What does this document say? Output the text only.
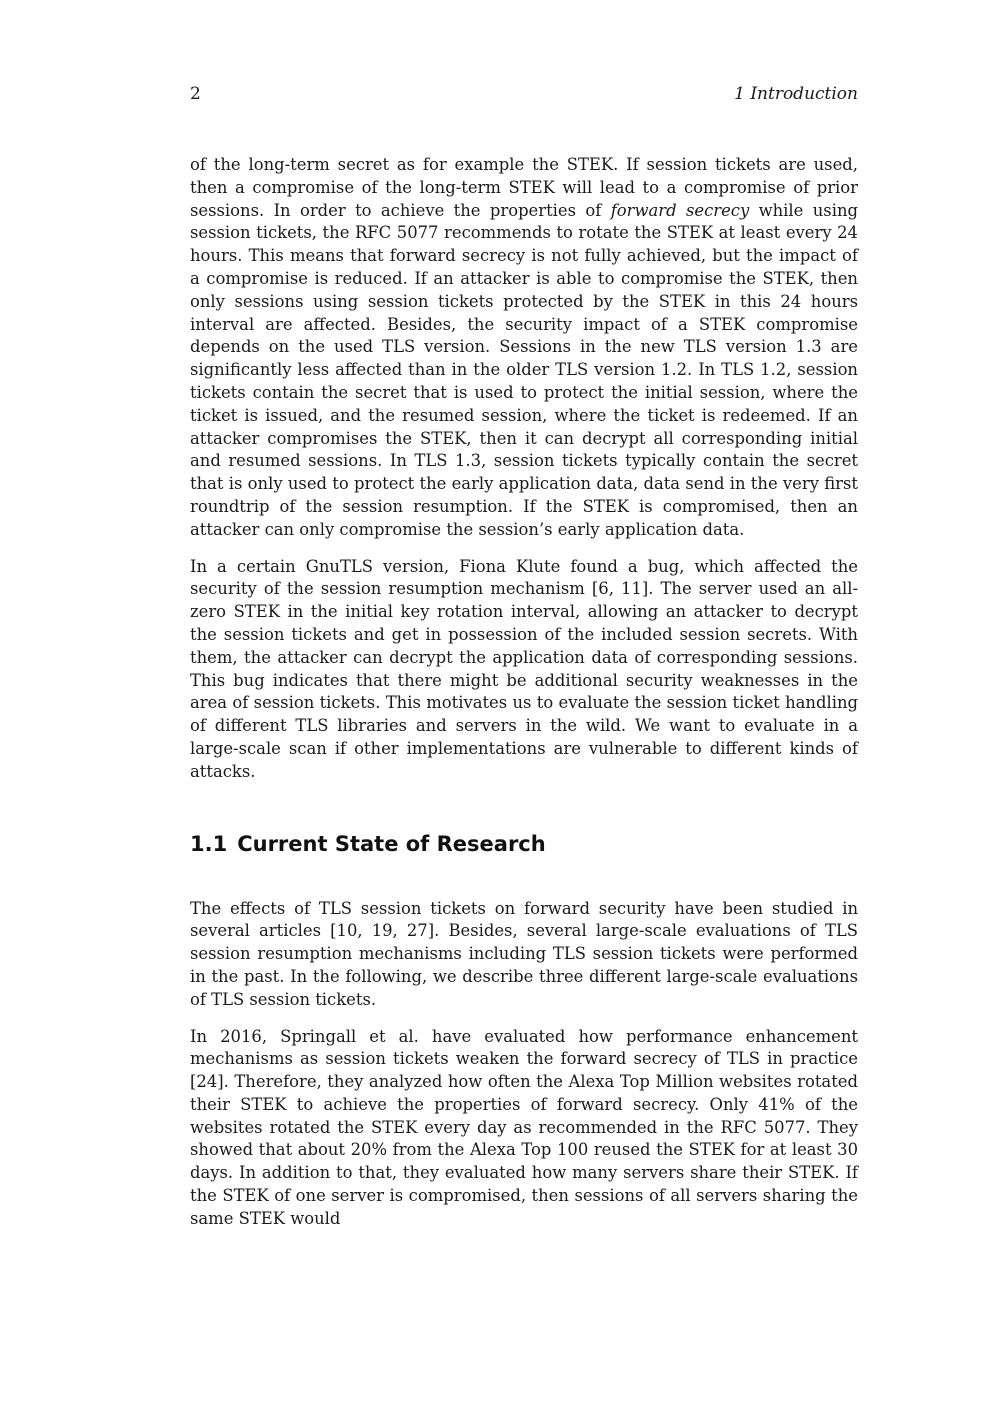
2	1 Introduction

of the long-term secret as for example the STEK. If session tickets are used, then a compromise of the long-term STEK will lead to a compromise of prior sessions. In order to achieve the properties of forward secrecy while using session tickets, the RFC 5077 recommends to rotate the STEK at least every 24 hours. This means that forward secrecy is not fully achieved, but the impact of a compromise is reduced. If an attacker is able to compromise the STEK, then only sessions using session tickets protected by the STEK in this 24 hours interval are affected. Besides, the security impact of a STEK compromise depends on the used TLS version. Sessions in the new TLS version 1.3 are significantly less affected than in the older TLS version 1.2. In TLS 1.2, session tickets contain the secret that is used to protect the initial session, where the ticket is issued, and the resumed session, where the ticket is redeemed. If an attacker compromises the STEK, then it can decrypt all corresponding initial and resumed sessions. In TLS 1.3, session tickets typically contain the secret that is only used to protect the early application data, data send in the very first roundtrip of the session resumption. If the STEK is compromised, then an attacker can only compromise the session’s early application data.

In a certain GnuTLS version, Fiona Klute found a bug, which affected the security of the session resumption mechanism [6, 11]. The server used an all-zero STEK in the initial key rotation interval, allowing an attacker to decrypt the session tickets and get in possession of the included session secrets. With them, the attacker can decrypt the application data of corresponding sessions. This bug indicates that there might be additional security weaknesses in the area of session tickets. This motivates us to evaluate the session ticket handling of different TLS libraries and servers in the wild. We want to evaluate in a large-scale scan if other implementations are vulnerable to different kinds of attacks.

1.1 Current State of Research

The effects of TLS session tickets on forward security have been studied in several articles [10, 19, 27]. Besides, several large-scale evaluations of TLS session resumption mechanisms including TLS session tickets were performed in the past. In the following, we describe three different large-scale evaluations of TLS session tickets.

In 2016, Springall et al. have evaluated how performance enhancement mechanisms as session tickets weaken the forward secrecy of TLS in practice [24]. Therefore, they analyzed how often the Alexa Top Million websites rotated their STEK to achieve the properties of forward secrecy. Only 41% of the websites rotated the STEK every day as recommended in the RFC 5077. They showed that about 20% from the Alexa Top 100 reused the STEK for at least 30 days. In addition to that, they evaluated how many servers share their STEK. If the STEK of one server is compromised, then sessions of all servers sharing the same STEK would
